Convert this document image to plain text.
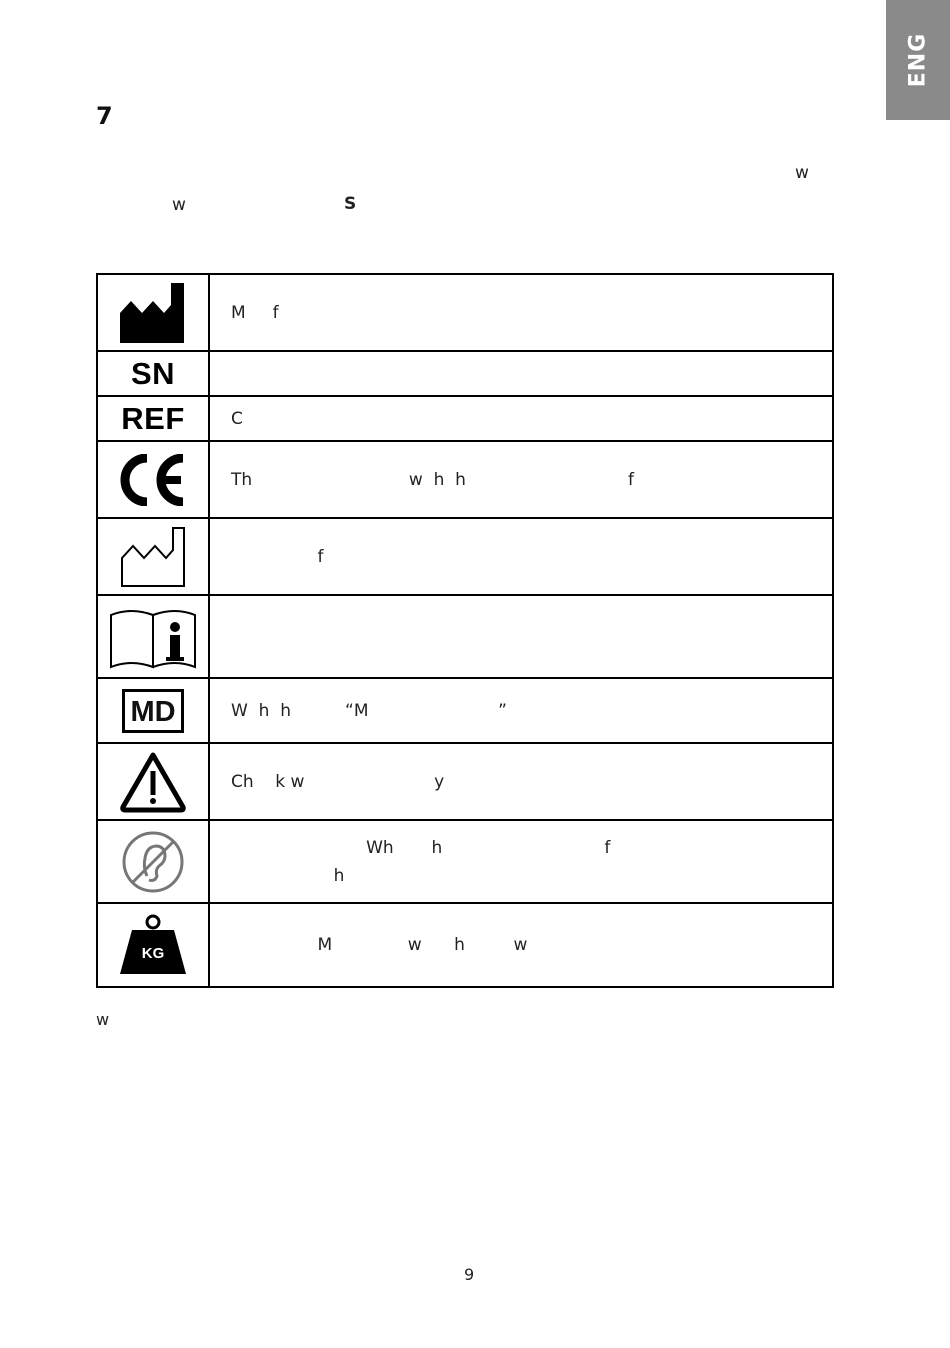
ENG
7
w
w	S
	M     f
SN	
REF	C

	Th                             w  h  h                              f

	f

MD	W  h  h          “M                        ”

	Ch    k w                        y

	Wh       h                              f
h

KG	M              w      h         w
w
9
